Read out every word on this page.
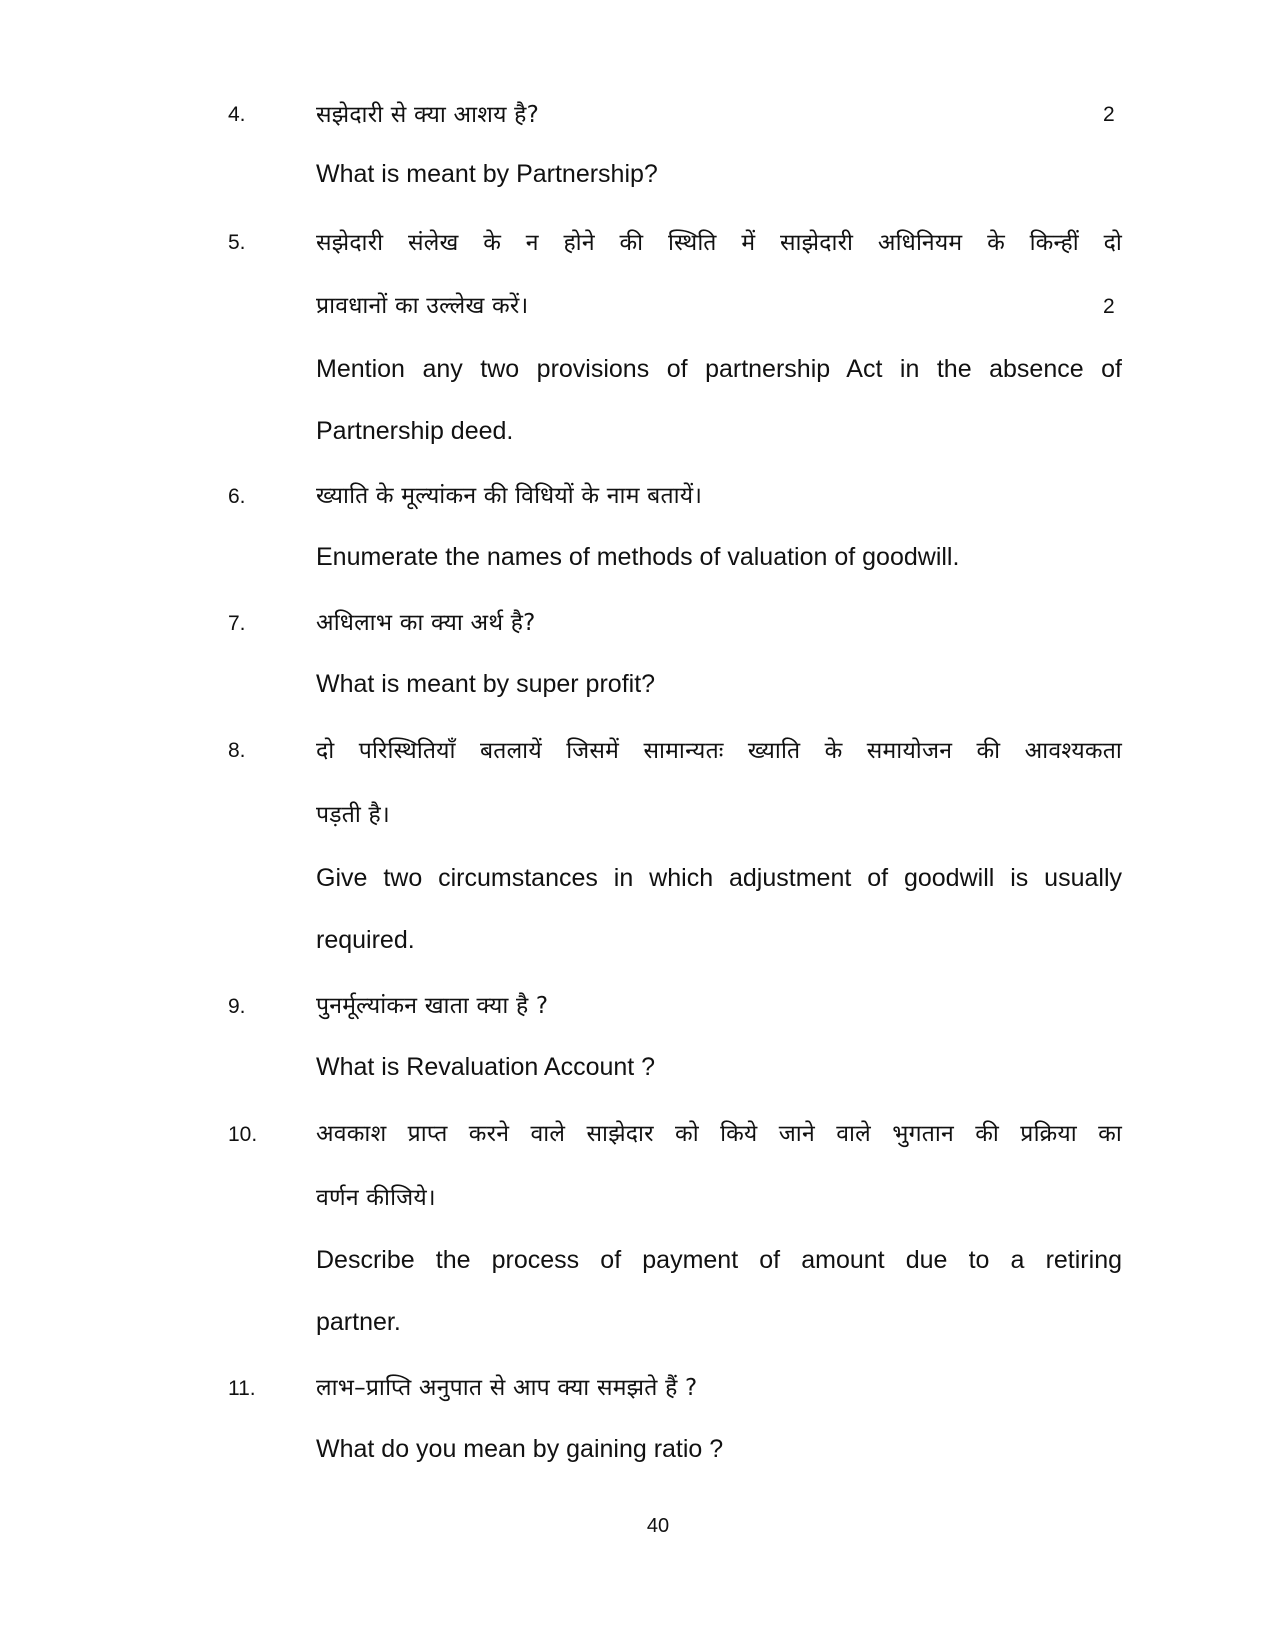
4.	सझेदारी से क्या आशय है?	2
What is meant by Partnership?
5.	सझेदारी संलेख के न होने की स्थिति में साझेदारी अधिनियम के किन्हीं दो
प्रावधानों का उल्लेख करें।	2
Mention any two provisions of partnership Act in the absence of
Partnership deed.
6.	ख्याति के मूल्यांकन की विधियों के नाम बतायें।
Enumerate the names of methods of valuation of goodwill.
7.	अधिलाभ का क्या अर्थ है?
What is meant by super profit?
8.	दो परिस्थितियाँ बतलायें जिसमें सामान्यतः ख्याति के समायोजन की आवश्यकता
पड़ती है।
Give two circumstances in which adjustment of goodwill is usually
required.
9.	पुनर्मूल्यांकन खाता क्या है ?
What is Revaluation Account ?
10.	अवकाश प्राप्त करने वाले साझेदार को किये जाने वाले भुगतान की प्रक्रिया का
वर्णन कीजिये।
Describe the process of payment of amount due to a retiring
partner.
11.	लाभ–प्राप्ति अनुपात से आप क्या समझते हैं ?
What do you mean by gaining ratio ?
40
